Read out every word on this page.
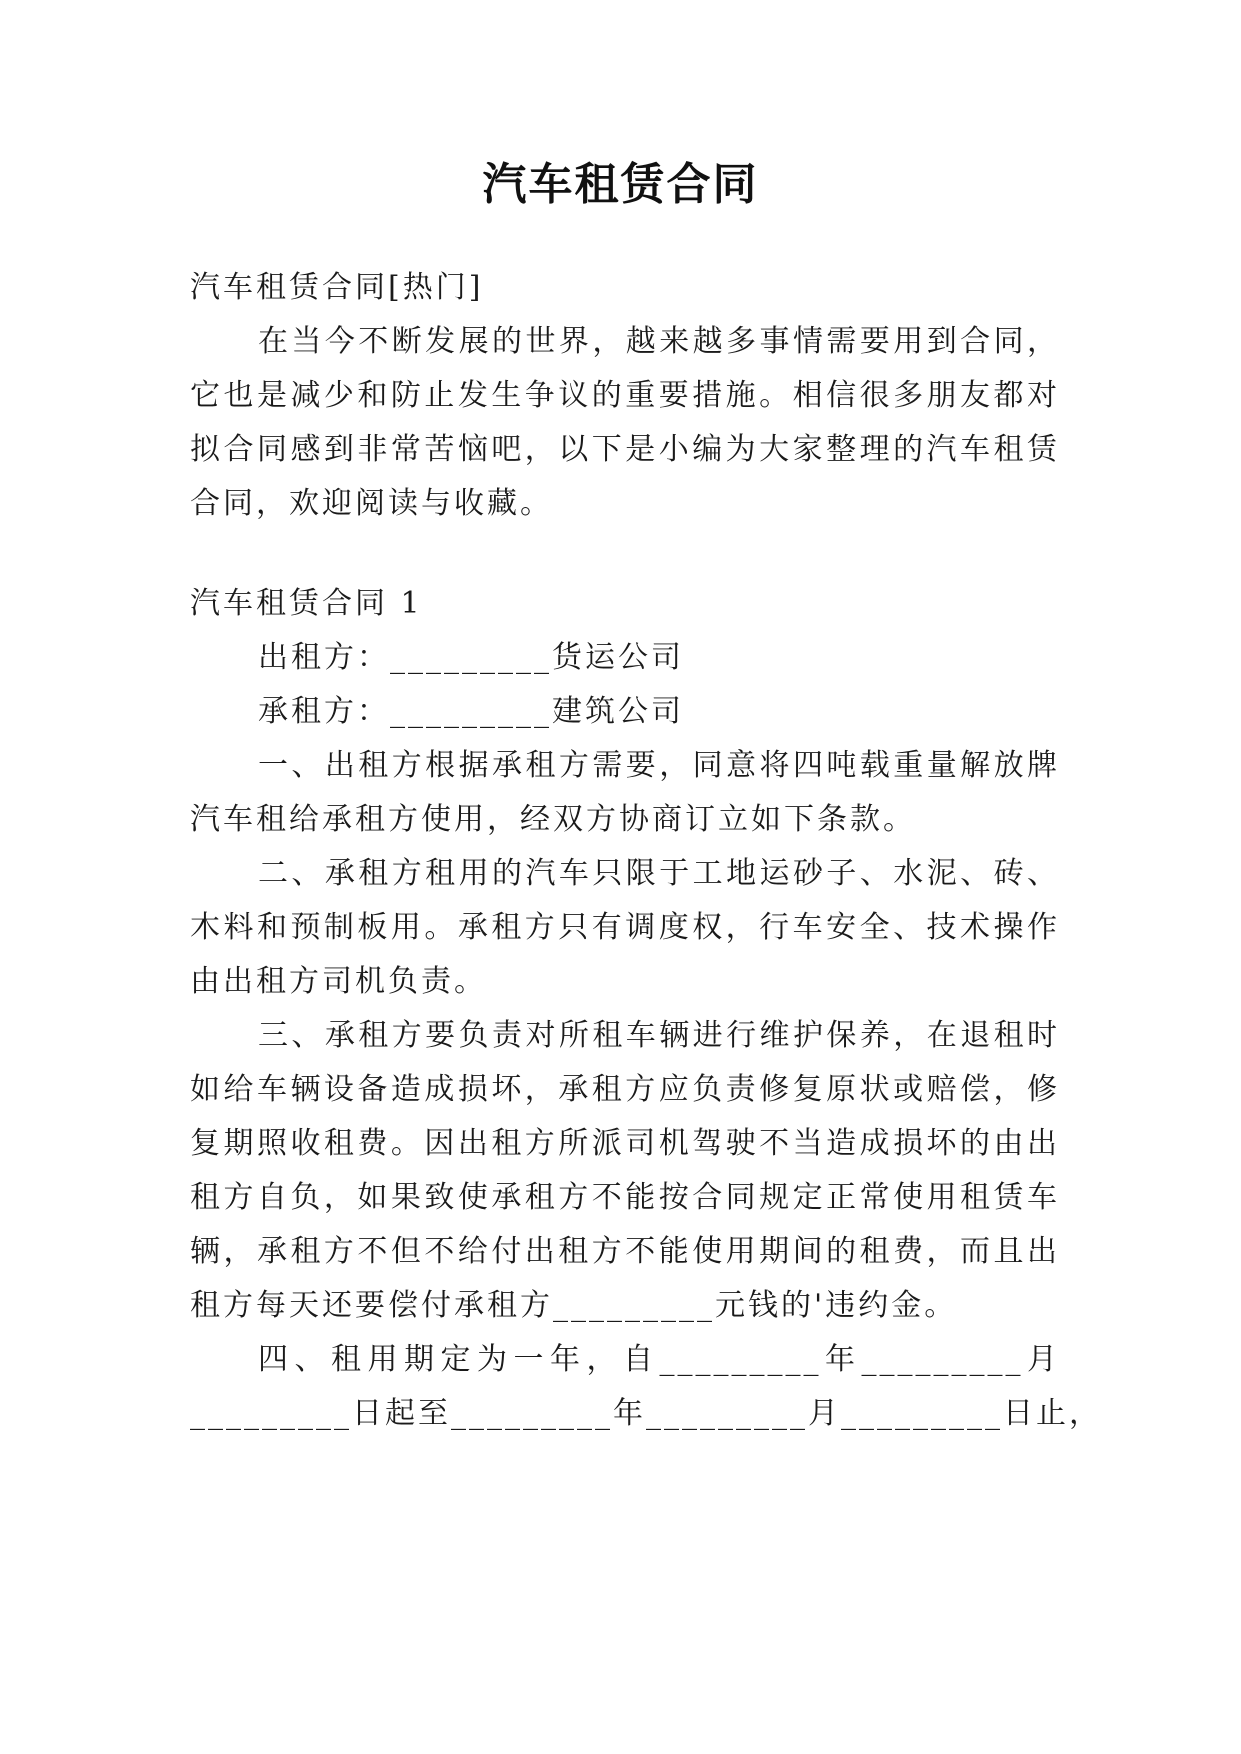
汽车租赁合同
汽车租赁合同[热门]
在当今不断发展的世界，越来越多事情需要用到合同，
它也是减少和防止发生争议的重要措施。相信很多朋友都对
拟合同感到非常苦恼吧，以下是小编为大家整理的汽车租赁
合同，欢迎阅读与收藏。
汽车租赁合同 1
出租方：_________货运公司
承租方：_________建筑公司
一、出租方根据承租方需要，同意将四吨载重量解放牌
汽车租给承租方使用，经双方协商订立如下条款。
二、承租方租用的汽车只限于工地运砂子、水泥、砖、
木料和预制板用。承租方只有调度权，行车安全、技术操作
由出租方司机负责。
三、承租方要负责对所租车辆进行维护保养，在退租时
如给车辆设备造成损坏，承租方应负责修复原状或赔偿，修
复期照收租费。因出租方所派司机驾驶不当造成损坏的由出
租方自负，如果致使承租方不能按合同规定正常使用租赁车
辆，承租方不但不给付出租方不能使用期间的租费，而且出
租方每天还要偿付承租方_________元钱的'违约金。
四、租用期定为一年，自_________年_________月
_________日起至_________年_________月_________日止，
